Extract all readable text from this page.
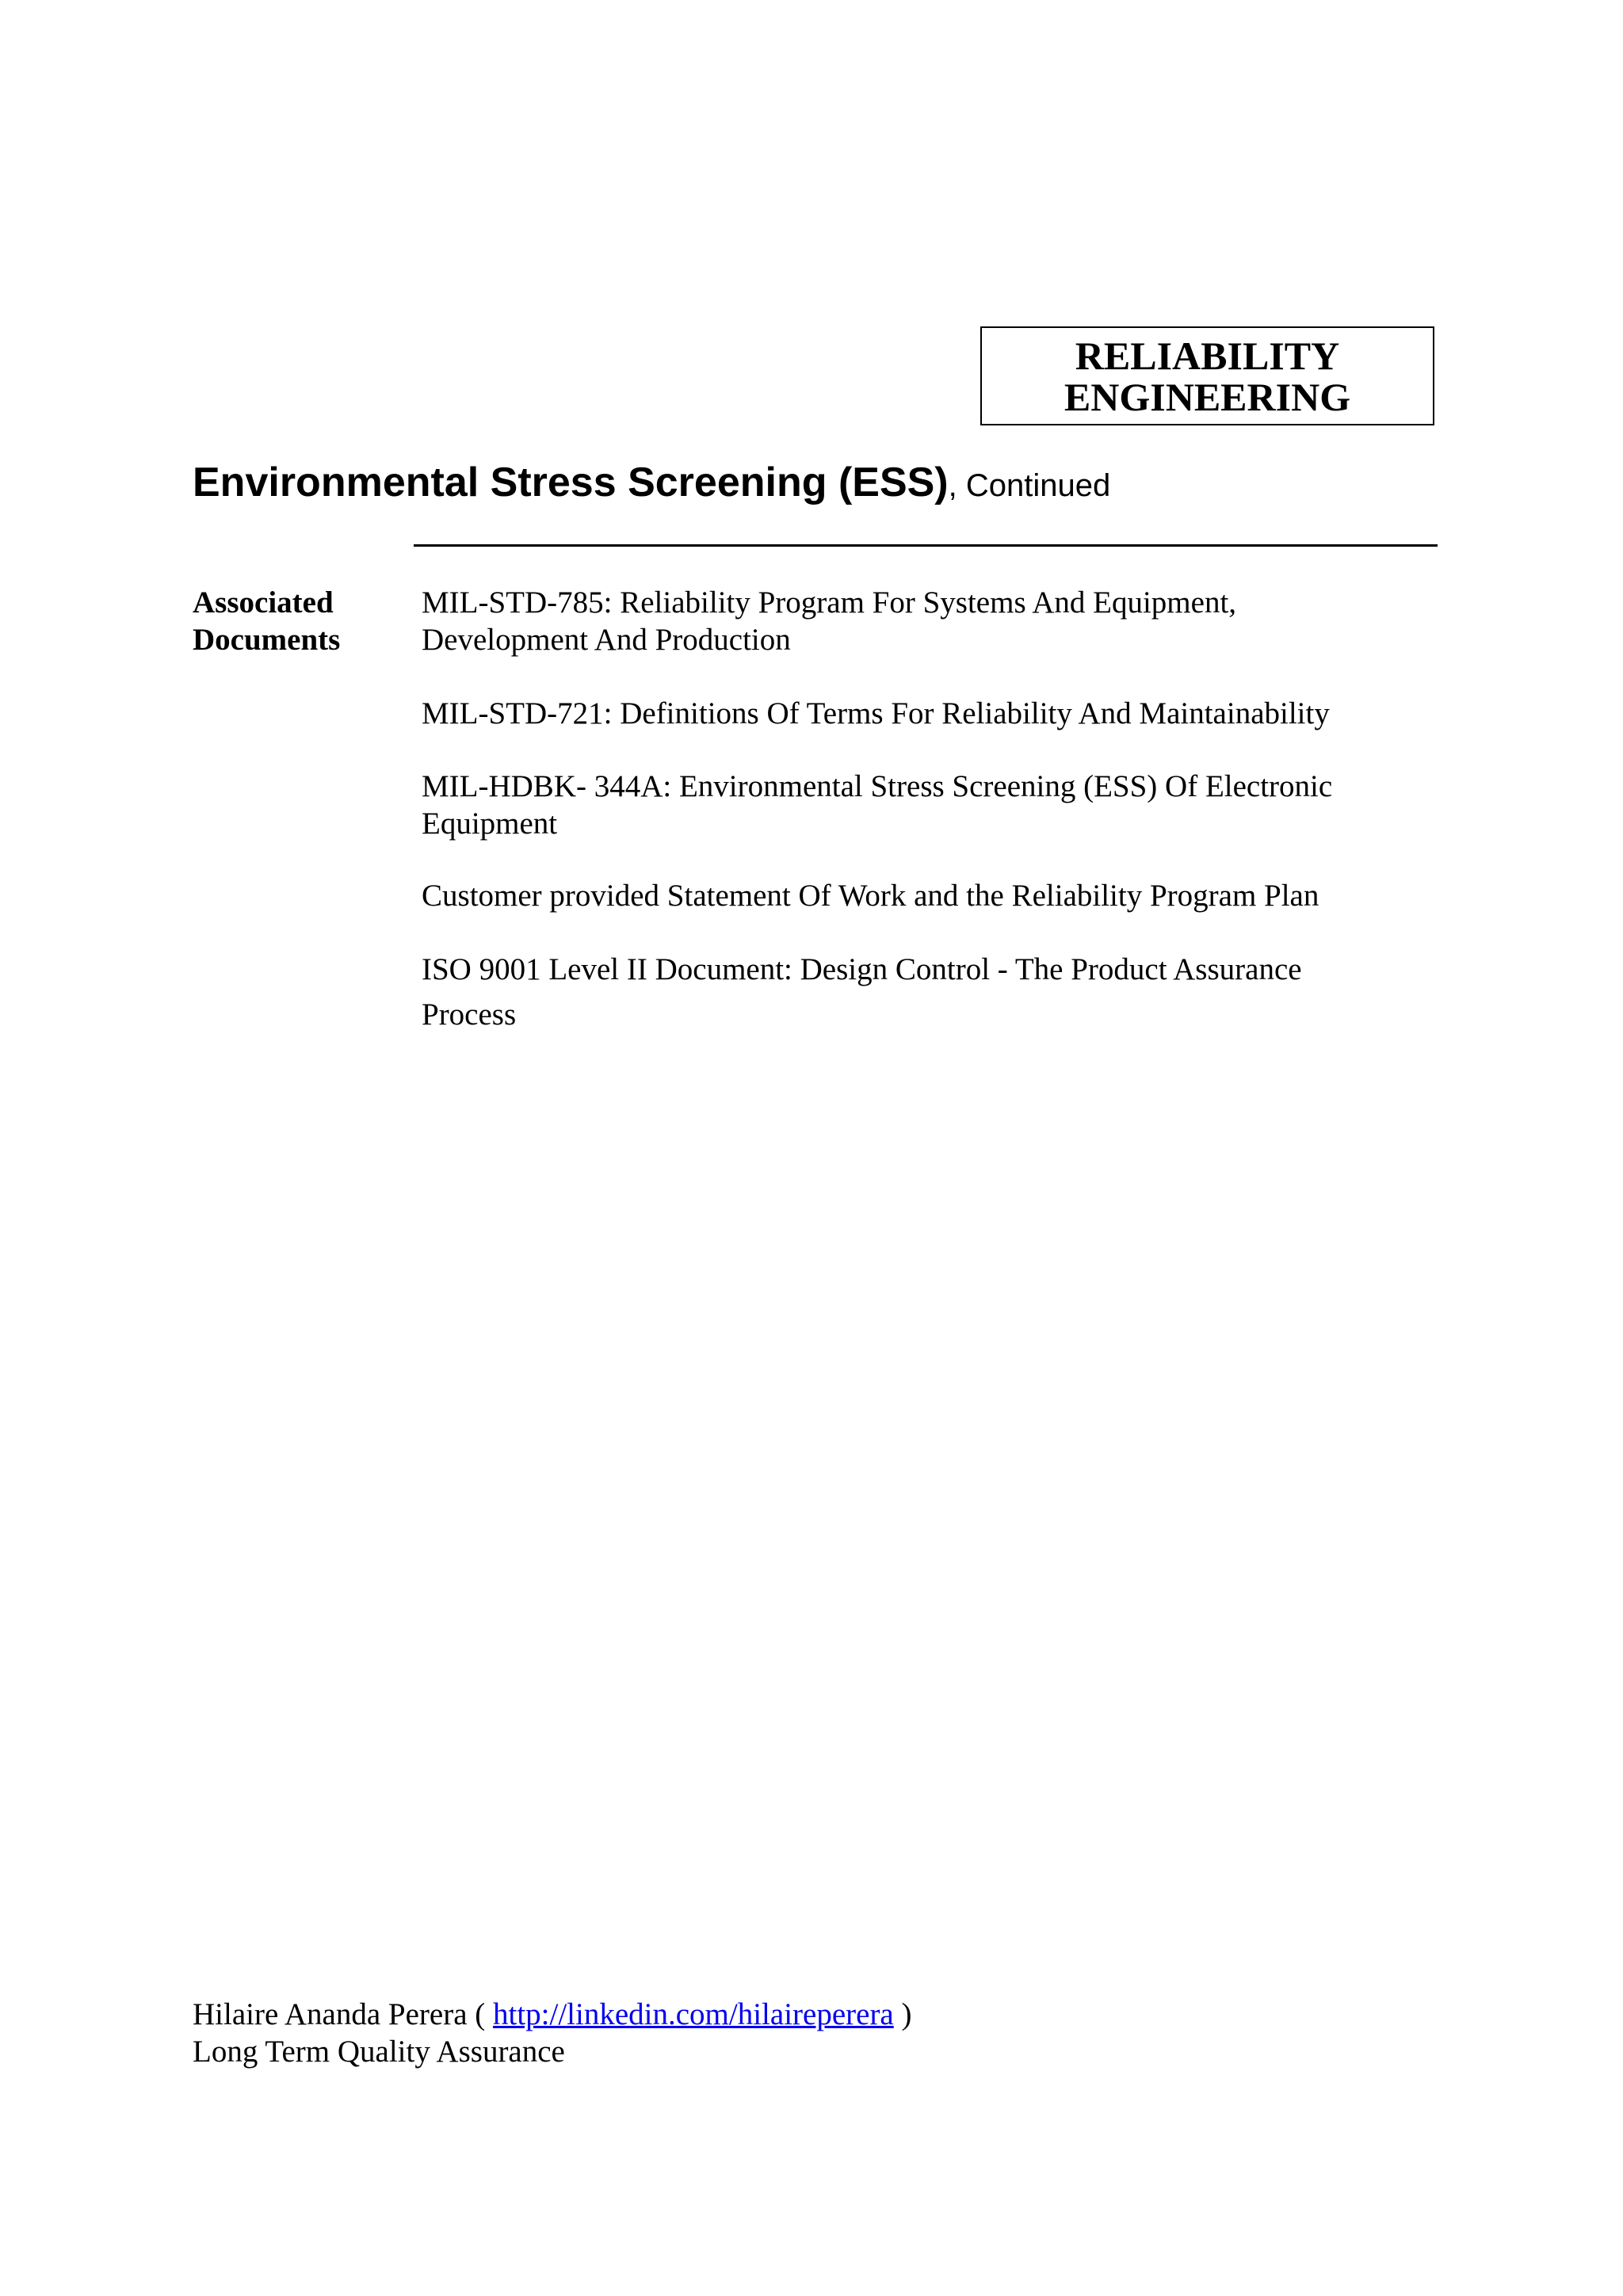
RELIABILITY
ENGINEERING
Environmental Stress Screening (ESS), Continued
Associated
Documents
MIL-STD-785: Reliability Program For Systems And Equipment,
Development And Production
MIL-STD-721: Definitions Of Terms For Reliability And Maintainability
MIL-HDBK- 344A: Environmental Stress Screening (ESS) Of Electronic
Equipment
Customer provided Statement Of Work and the Reliability Program Plan
ISO 9001 Level II Document: Design Control - The Product Assurance
Process
Hilaire Ananda Perera ( http://linkedin.com/hilaireperera )
Long Term Quality Assurance
